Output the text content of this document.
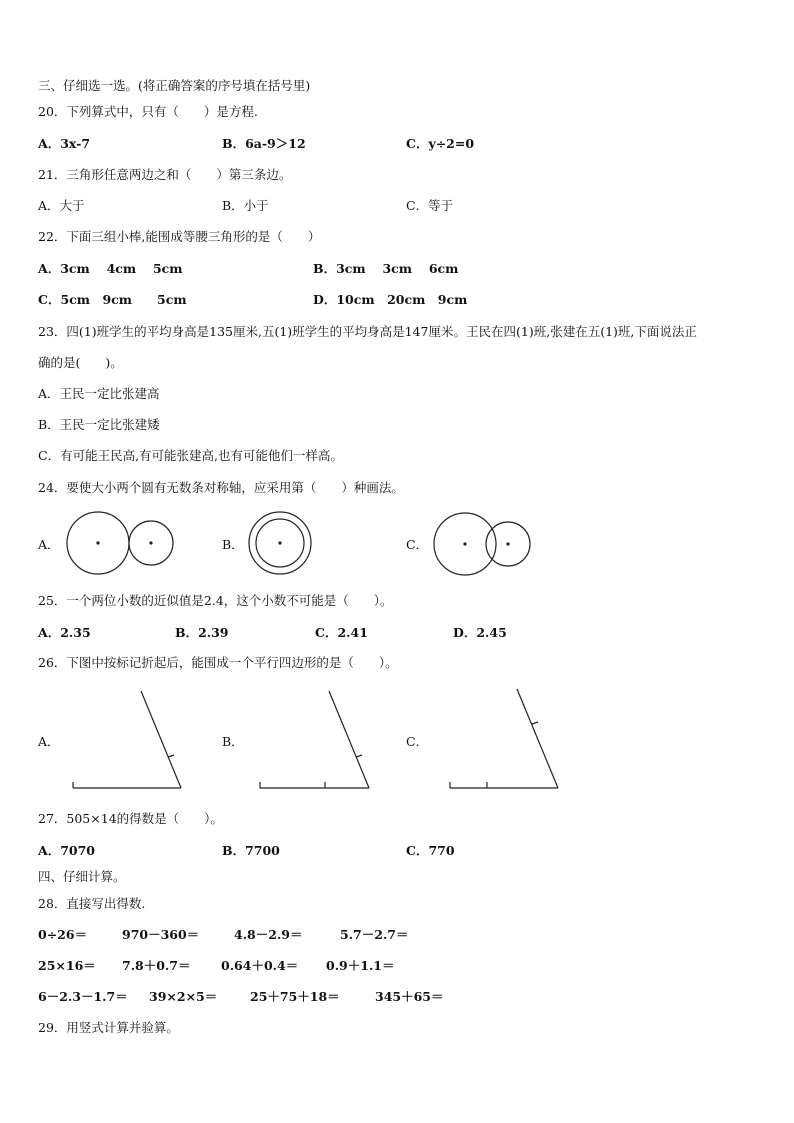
三、仔细选一选。(将正确答案的序号填在括号里)
20．下列算式中，只有（　　）是方程.
A．3x-7	B．6a-9＞12	C．y÷2=0
21．三角形任意两边之和（　　）第三条边。
A．大于	B．小于	C．等于
22．下面三组小棒,能围成等腰三角形的是（　　）
A．3cm　 4cm　 5cm	B．3cm　 3cm　 6cm
C．5cm　9cm　　5cm	D．10cm　20cm　9cm
23．四(1)班学生的平均身高是135厘米,五(1)班学生的平均身高是147厘米。王民在四(1)班,张建在五(1)班,下面说法正
确的是(　　)。
A．王民一定比张建高
B．王民一定比张建矮
C．有可能王民高,有可能张建高,也有可能他们一样高。
24．要使大小两个圆有无数条对称轴，应采用第（　　）种画法。
A．	B．	C．
25．一个两位小数的近似值是2.4，这个小数不可能是（　　）。
A．2.35	B．2.39	C．2.41	D．2.45
26．下图中按标记折起后，能围成一个平行四边形的是（　　）。
A．	B．	C．
27．505×14的得数是（　　）。
A．7070	B．7700	C．770
四、仔细计算。
28．直接写出得数.
0÷26＝	970－360＝	4.8－2.9＝	5.7－2.7＝
25×16＝ 7.8＋0.7＝ 0.64＋0.4＝ 0.9＋1.1＝
6－2.3－1.7＝ 39×2×5＝	25＋75＋18＝	345＋65＝
29．用竖式计算并验算。
